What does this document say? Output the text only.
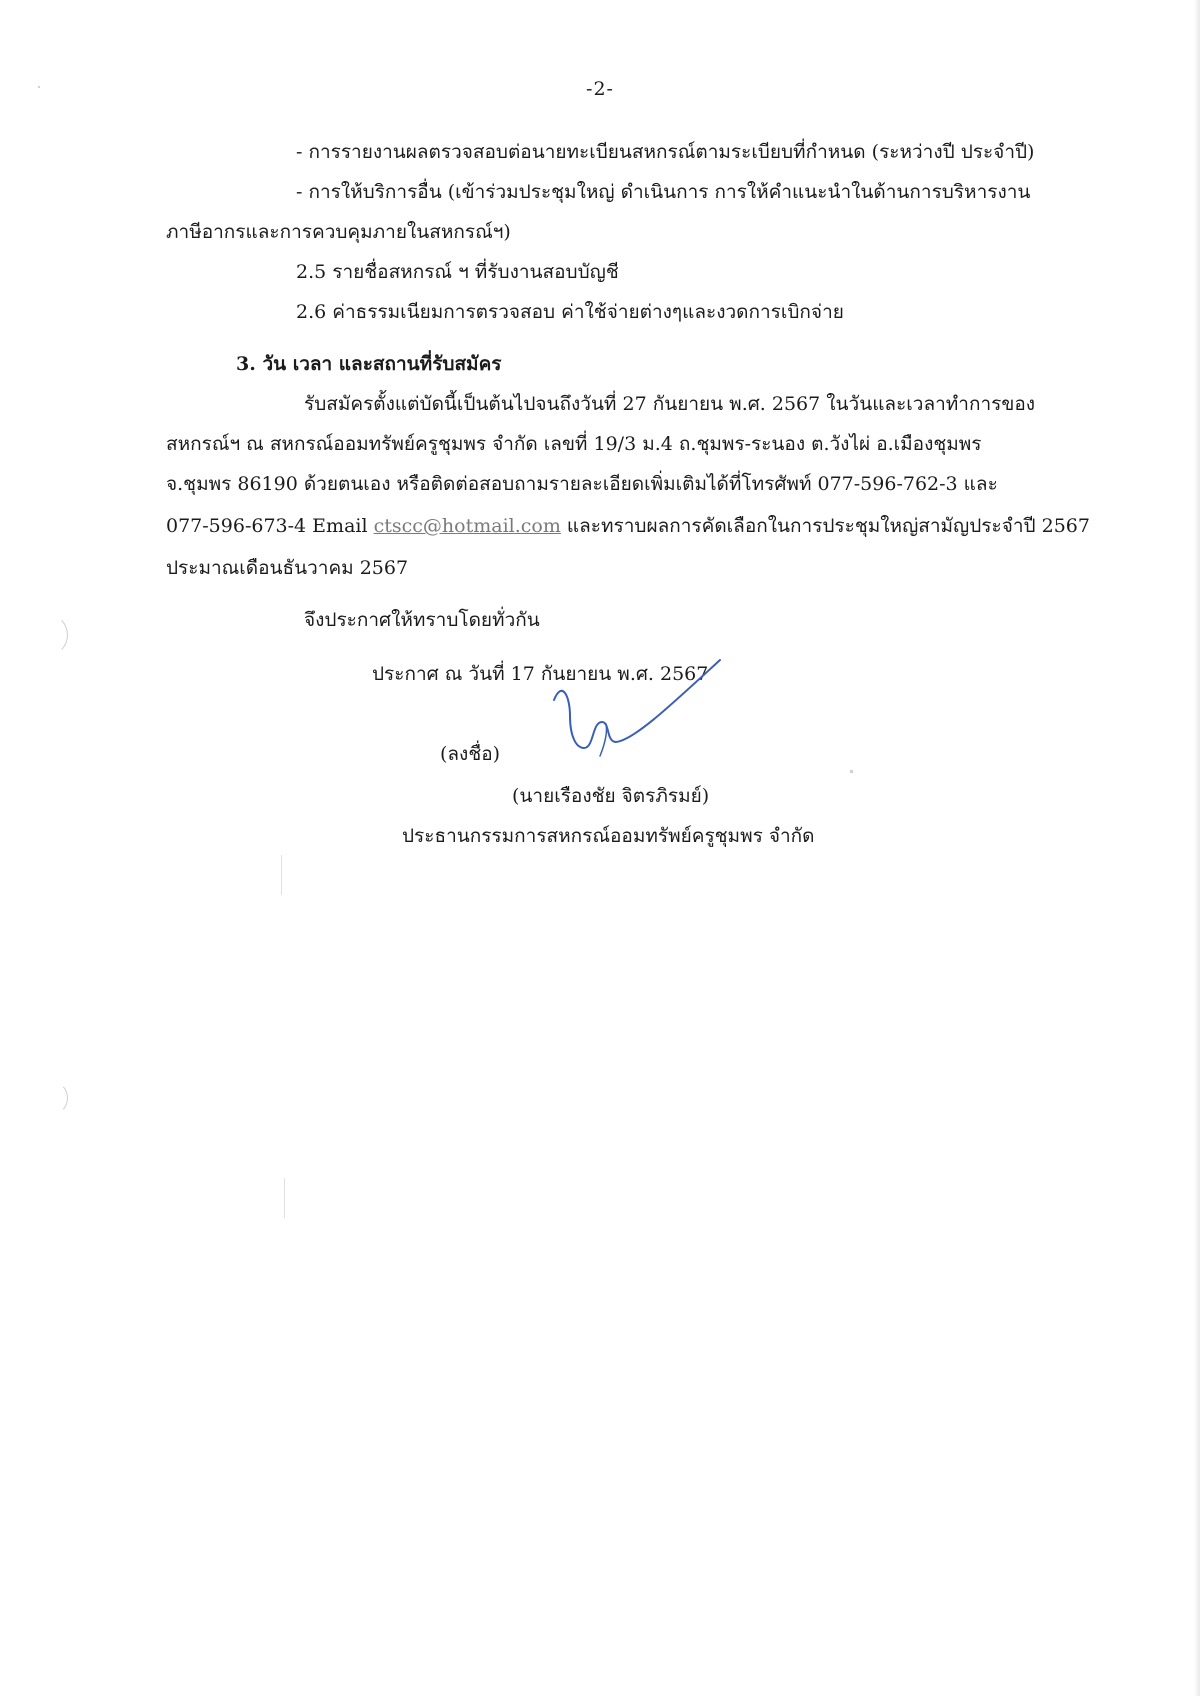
-2-
- การรายงานผลตรวจสอบต่อนายทะเบียนสหกรณ์ตามระเบียบที่กำหนด (ระหว่างปี ประจำปี)
- การให้บริการอื่น (เข้าร่วมประชุมใหญ่ ดำเนินการ การให้คำแนะนำในด้านการบริหารงาน
ภาษีอากรและการควบคุมภายในสหกรณ์ฯ)
2.5 รายชื่อสหกรณ์ ฯ ที่รับงานสอบบัญชี
2.6 ค่าธรรมเนียมการตรวจสอบ ค่าใช้จ่ายต่างๆและงวดการเบิกจ่าย
3. วัน เวลา และสถานที่รับสมัคร
รับสมัครตั้งแต่บัดนี้เป็นต้นไปจนถึงวันที่ 27 กันยายน พ.ศ. 2567 ในวันและเวลาทำการของ
สหกรณ์ฯ ณ สหกรณ์ออมทรัพย์ครูชุมพร จำกัด เลขที่ 19/3 ม.4 ถ.ชุมพร-ระนอง ต.วังไผ่ อ.เมืองชุมพร
จ.ชุมพร 86190 ด้วยตนเอง หรือติดต่อสอบถามรายละเอียดเพิ่มเติมได้ที่โทรศัพท์ 077-596-762-3 และ
077-596-673-4 Email ctscc@hotmail.com และทราบผลการคัดเลือกในการประชุมใหญ่สามัญประจำปี 2567
ประมาณเดือนธันวาคม 2567
จึงประกาศให้ทราบโดยทั่วกัน
ประกาศ ณ วันที่ 17 กันยายน พ.ศ. 2567
(ลงชื่อ)
(นายเรืองชัย จิตรภิรมย์)
ประธานกรรมการสหกรณ์ออมทรัพย์ครูชุมพร จำกัด
